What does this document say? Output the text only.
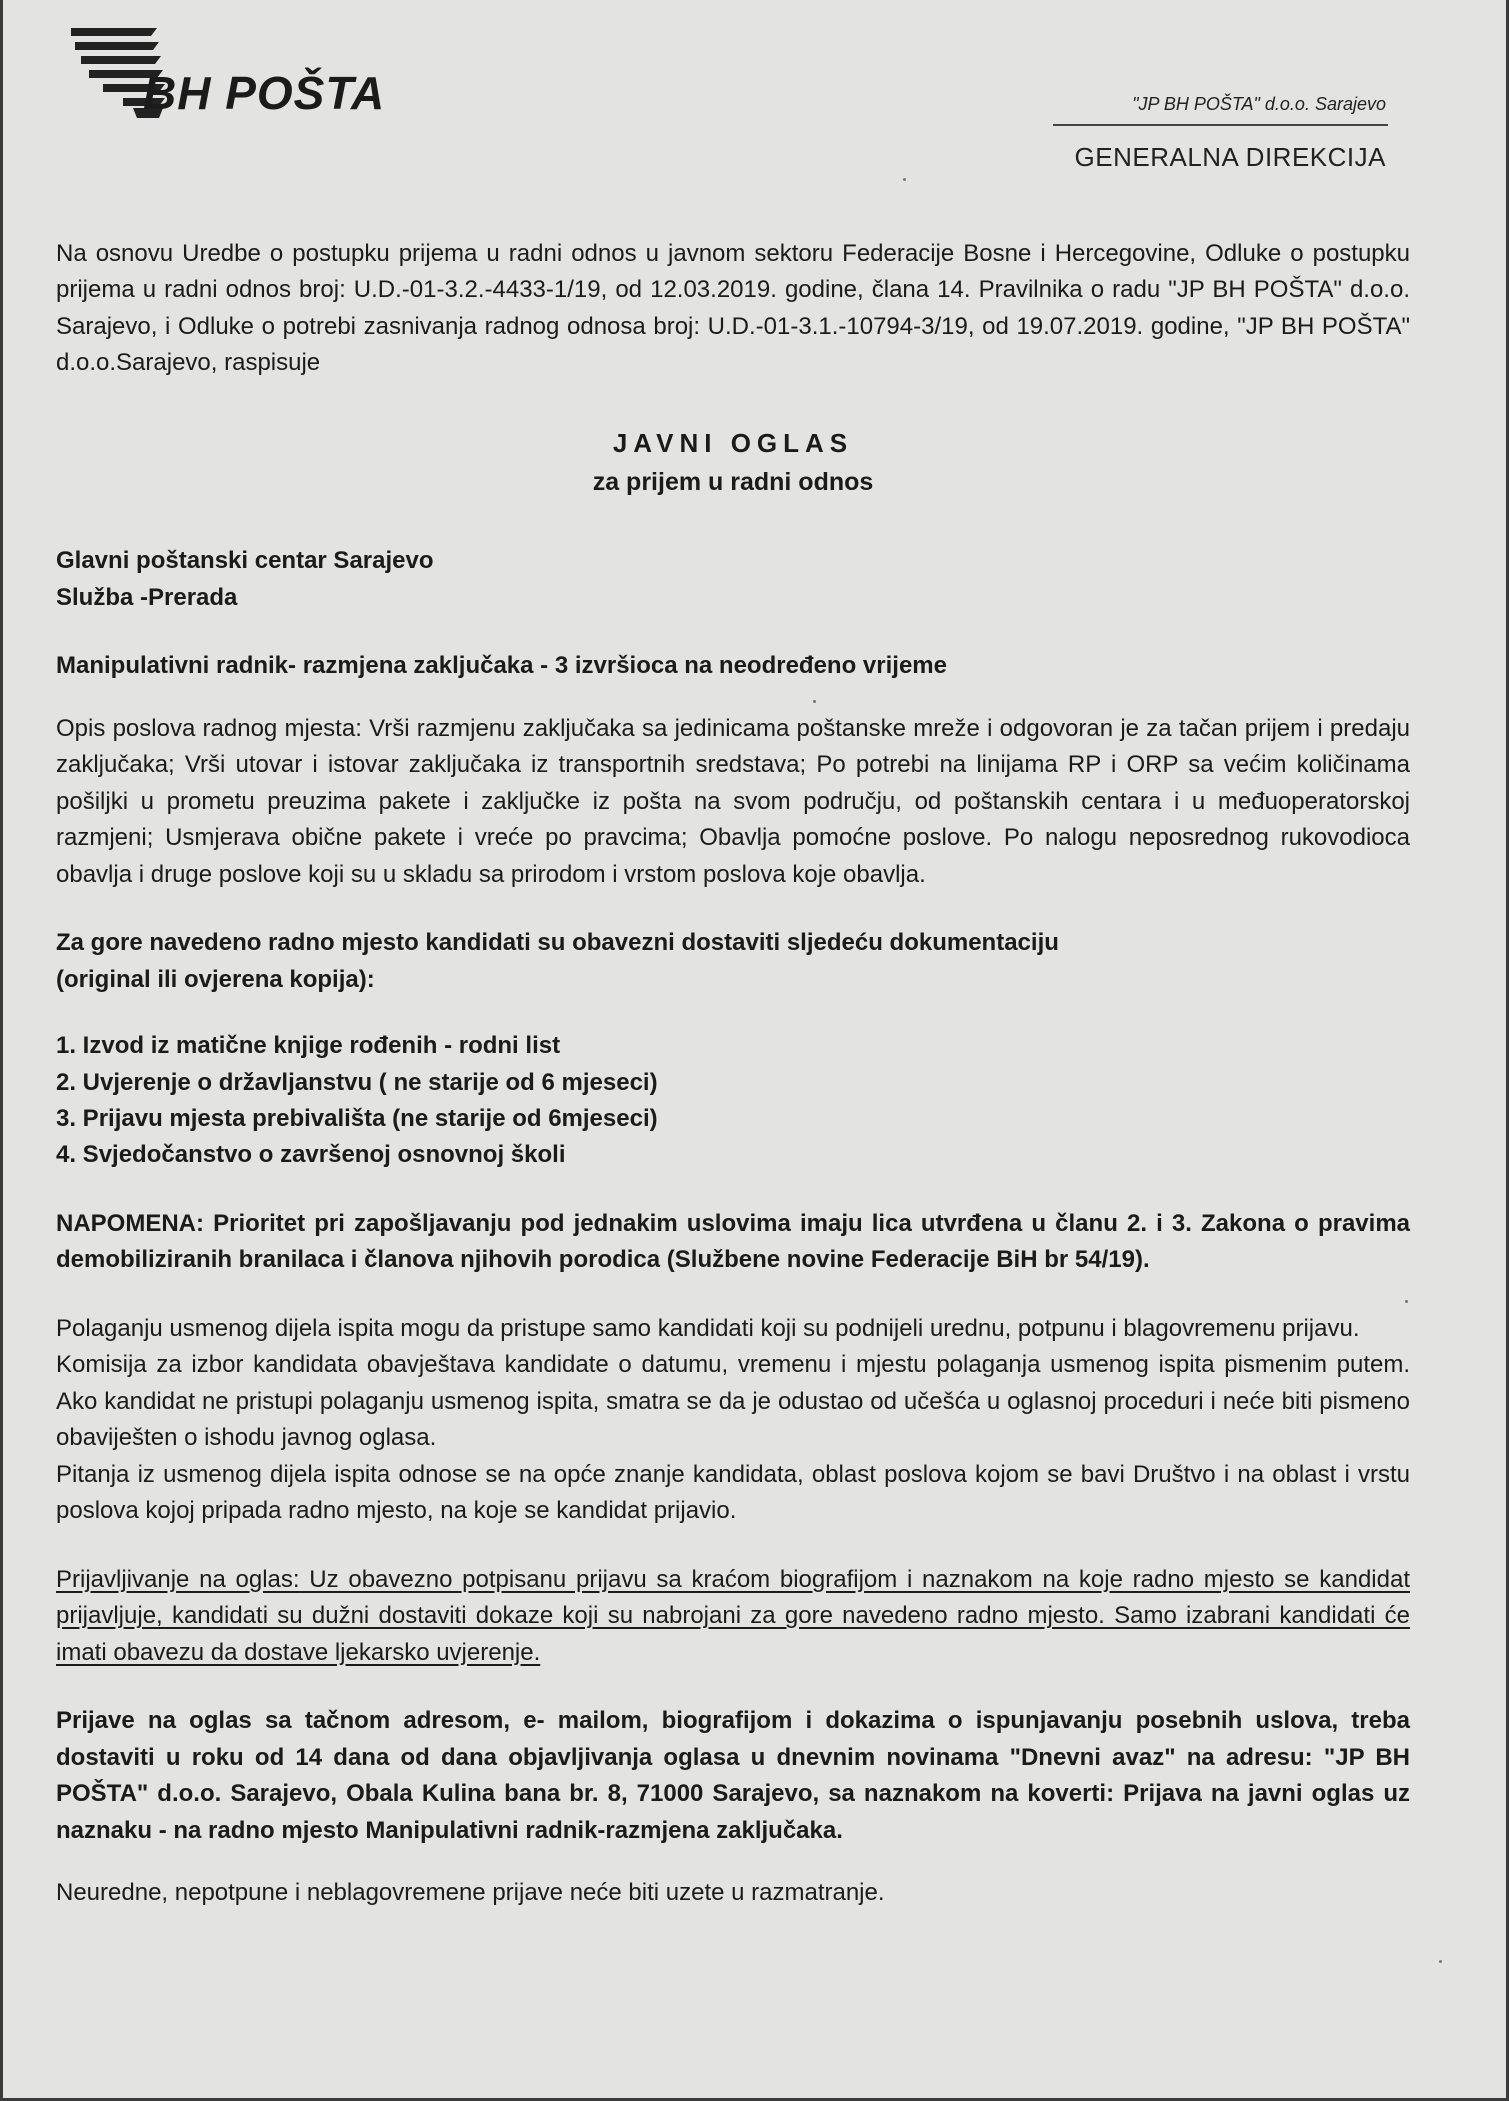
BH POŠTA	"JP BH POŠTA" d.o.o. Sarajevo
GENERALNA DIREKCIJA

Na osnovu Uredbe o postupku prijema u radni odnos u javnom sektoru Federacije Bosne i Hercegovine, Odluke o postupku prijema u radni odnos broj: U.D.-01-3.2.-4433-1/19, od 12.03.2019. godine, člana 14. Pravilnika o radu "JP BH POŠTA" d.o.o. Sarajevo, i Odluke o potrebi zasnivanja radnog odnosa broj: U.D.-01-3.1.-10794-3/19, od 19.07.2019. godine, "JP BH POŠTA" d.o.o.Sarajevo, raspisuje

JAVNI OGLAS
za prijem u radni odnos
Glavni poštanski centar Sarajevo
Služba -Prerada

Manipulativni radnik- razmjena zaključaka - 3 izvršioca na neodređeno vrijeme

Opis poslova radnog mjesta: Vrši razmjenu zaključaka sa jedinicama poštanske mreže i odgovoran je za tačan prijem i predaju zaključaka; Vrši utovar i istovar zaključaka iz transportnih sredstava; Po potrebi na linijama RP i ORP sa većim količinama pošiljki u prometu preuzima pakete i zaključke iz pošta na svom području, od poštanskih centara i u međuoperatorskoj razmjeni; Usmjerava obične pakete i vreće po pravcima; Obavlja pomoćne poslove. Po nalogu neposrednog rukovodioca obavlja i druge poslove koji su u skladu sa prirodom i vrstom poslova koje obavlja.

Za gore navedeno radno mjesto kandidati su obavezni dostaviti sljedeću dokumentaciju
(original ili ovjerena kopija):
1. Izvod iz matične knjige rođenih - rodni list
2. Uvjerenje o državljanstvu ( ne starije od 6 mjeseci)
3. Prijavu mjesta prebivališta (ne starije od 6mjeseci)
4. Svjedočanstvo o završenoj osnovnoj školi

NAPOMENA: Prioritet pri zapošljavanju pod jednakim uslovima imaju lica utvrđena u članu 2. i 3. Zakona o pravima demobiliziranih branilaca i članova njihovih porodica (Službene novine Federacije BiH br 54/19).

Polaganju usmenog dijela ispita mogu da pristupe samo kandidati koji su podnijeli urednu, potpunu i blagovremenu prijavu.

Komisija za izbor kandidata obavještava kandidate o datumu, vremenu i mjestu polaganja usmenog ispita pismenim putem. Ako kandidat ne pristupi polaganju usmenog ispita, smatra se da je odustao od učešća u oglasnoj proceduri i neće biti pismeno obaviješten o ishodu javnog oglasa.

Pitanja iz usmenog dijela ispita odnose se na opće znanje kandidata, oblast poslova kojom se bavi Društvo i na oblast i vrstu poslova kojoj pripada radno mjesto, na koje se kandidat prijavio.

Prijavljivanje na oglas: Uz obavezno potpisanu prijavu sa kraćom biografijom i naznakom na koje radno mjesto se kandidat prijavljuje, kandidati su dužni dostaviti dokaze koji su nabrojani za gore navedeno radno mjesto. Samo izabrani kandidati će imati obavezu da dostave ljekarsko uvjerenje.

Prijave na oglas sa tačnom adresom, e- mailom, biografijom i dokazima o ispunjavanju posebnih uslova, treba dostaviti u roku od 14 dana od dana objavljivanja oglasa u dnevnim novinama "Dnevni avaz" na adresu: "JP BH POŠTA" d.o.o. Sarajevo, Obala Kulina bana br. 8, 71000 Sarajevo, sa naznakom na koverti: Prijava na javni oglas uz naznaku - na radno mjesto Manipulativni radnik-razmjena zaključaka.

Neuredne, nepotpune i neblagovremene prijave neće biti uzete u razmatranje.
